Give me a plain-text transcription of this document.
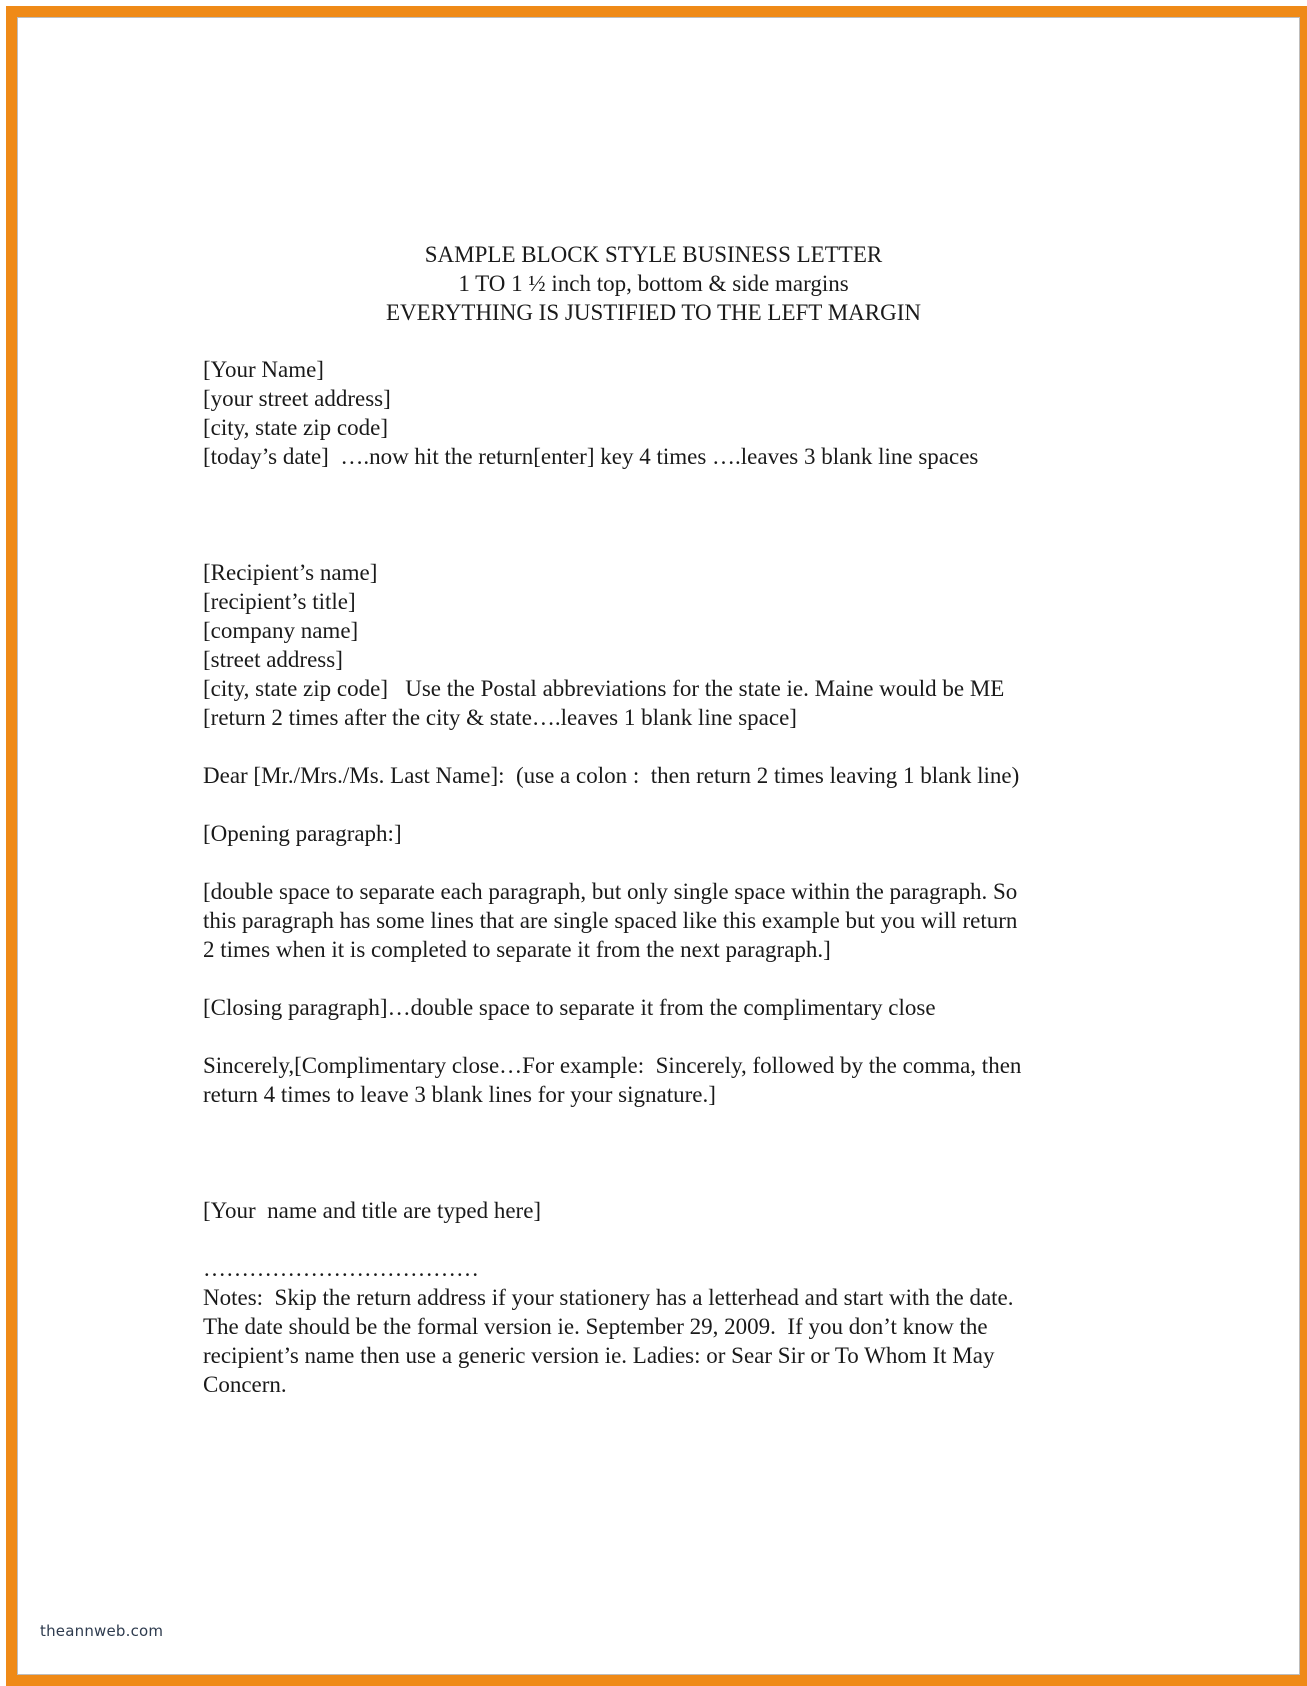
SAMPLE BLOCK STYLE BUSINESS LETTER
1 TO 1 ½ inch top, bottom & side margins
EVERYTHING IS JUSTIFIED TO THE LEFT MARGIN
[Your Name]
[your street address]
[city, state zip code]
[today’s date]  ….now hit the return[enter] key 4 times ….leaves 3 blank line spaces
[Recipient’s name]
[recipient’s title]
[company name]
[street address]
[city, state zip code]   Use the Postal abbreviations for the state ie. Maine would be ME
[return 2 times after the city & state….leaves 1 blank line space]
Dear [Mr./Mrs./Ms. Last Name]:  (use a colon :  then return 2 times leaving 1 blank line)
[Opening paragraph:]
[double space to separate each paragraph, but only single space within the paragraph. So
this paragraph has some lines that are single spaced like this example but you will return
2 times when it is completed to separate it from the next paragraph.]
[Closing paragraph]…double space to separate it from the complimentary close
Sincerely,[Complimentary close…For example:  Sincerely, followed by the comma, then
return 4 times to leave 3 blank lines for your signature.]
[Your  name and title are typed here]
………………………………
Notes:  Skip the return address if your stationery has a letterhead and start with the date.
The date should be the formal version ie. September 29, 2009.  If you don’t know the
recipient’s name then use a generic version ie. Ladies: or Sear Sir or To Whom It May
Concern.
theannweb.com
